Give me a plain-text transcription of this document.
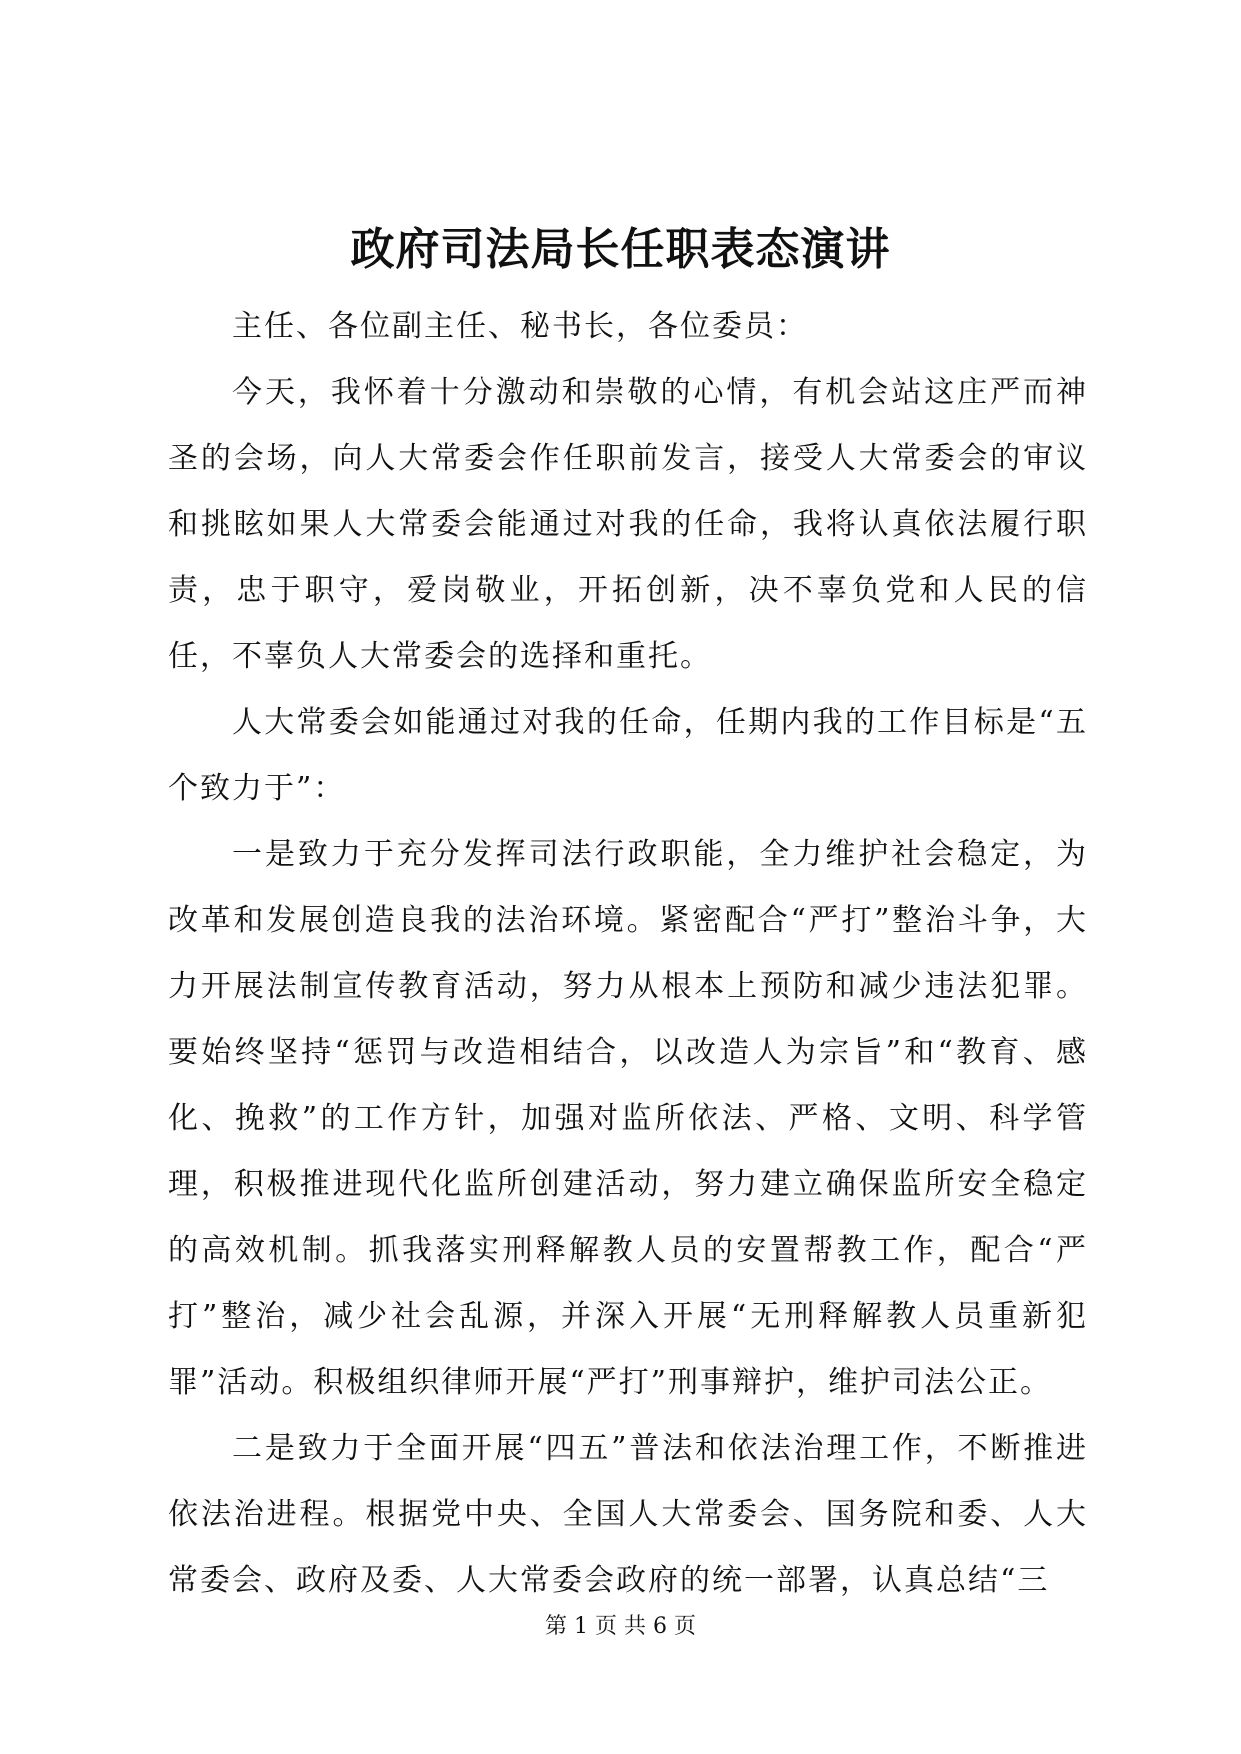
政府司法局长任职表态演讲

主任、各位副主任、秘书长，各位委员：

今天，我怀着十分激动和崇敬的心情，有机会站这庄严而神圣的会场，向人大常委会作任职前发言，接受人大常委会的审议和挑眩如果人大常委会能通过对我的任命，我将认真依法履行职责，忠于职守，爱岗敬业，开拓创新，决不辜负党和人民的信任，不辜负人大常委会的选择和重托。

人大常委会如能通过对我的任命，任期内我的工作目标是“五个致力于”：

一是致力于充分发挥司法行政职能，全力维护社会稳定，为改革和发展创造良我的法治环境。紧密配合“严打”整治斗争，大力开展法制宣传教育活动，努力从根本上预防和减少违法犯罪。要始终坚持“惩罚与改造相结合，以改造人为宗旨”和“教育、感化、挽救”的工作方针，加强对监所依法、严格、文明、科学管理，积极推进现代化监所创建活动，努力建立确保监所安全稳定的高效机制。抓我落实刑释解教人员的安置帮教工作，配合“严打”整治，减少社会乱源，并深入开展“无刑释解教人员重新犯罪”活动。积极组织律师开展“严打”刑事辩护，维护司法公正。

二是致力于全面开展“四五”普法和依法治理工作，不断推进依法治进程。根据党中央、全国人大常委会、国务院和委、人大常委会、政府及委、人大常委会政府的统一部署，认真总结“三

第 1 页 共 6 页
